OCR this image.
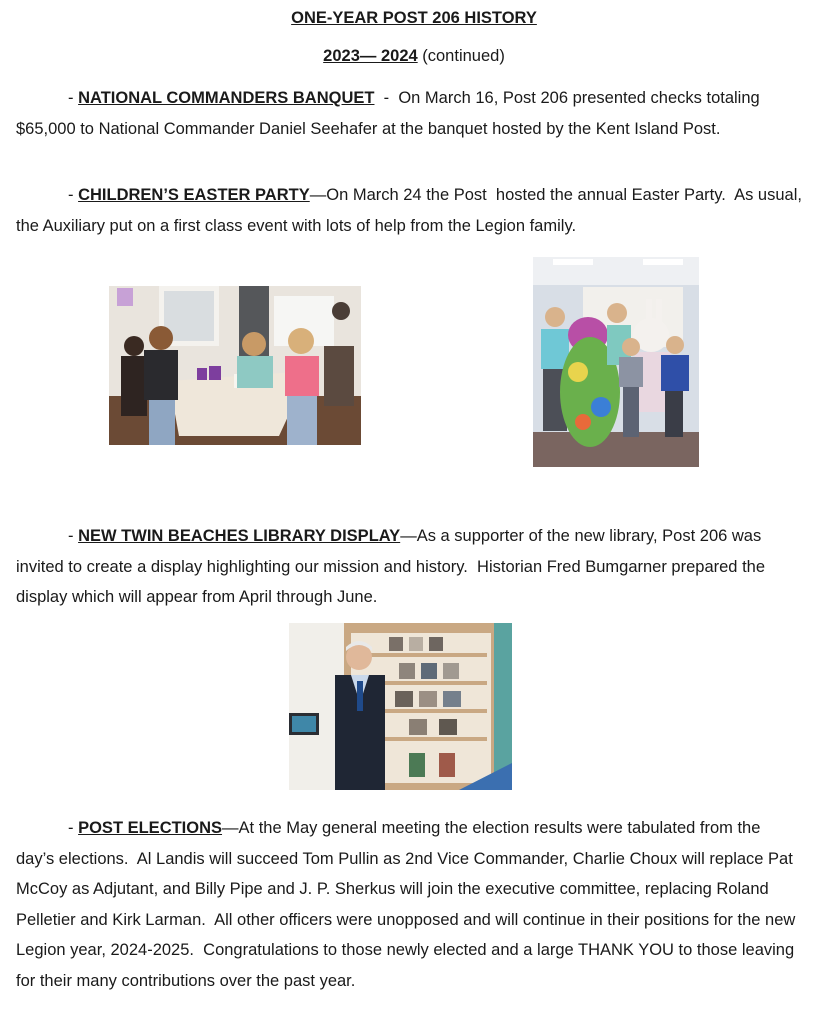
ONE-YEAR POST 206 HISTORY
2023— 2024 (continued)

- NATIONAL COMMANDERS BANQUET  -  On March 16, Post 206 presented checks totaling $65,000 to National Commander Daniel Seehafer at the banquet hosted by the Kent Island Post.

- CHILDREN’S EASTER PARTY—On March 24 the Post  hosted the annual Easter Party.  As usual, the Auxiliary put on a first class event with lots of help from the Legion family.

- NEW TWIN BEACHES LIBRARY DISPLAY—As a supporter of the new library, Post 206 was invited to create a display highlighting our mission and history.  Historian Fred Bumgarner prepared the display which will appear from April through June.

- POST ELECTIONS—At the May general meeting the election results were tabulated from the day’s elections.  Al Landis will succeed Tom Pullin as 2nd Vice Commander, Charlie Choux will replace Pat McCoy as Adjutant, and Billy Pipe and J. P. Sherkus will join the executive committee, replacing Roland Pelletier and Kirk Larman.  All other officers were unopposed and will continue in their positions for the new Legion year, 2024-2025.  Congratulations to those newly elected and a large THANK YOU to those leaving for their many contributions over the past year.
